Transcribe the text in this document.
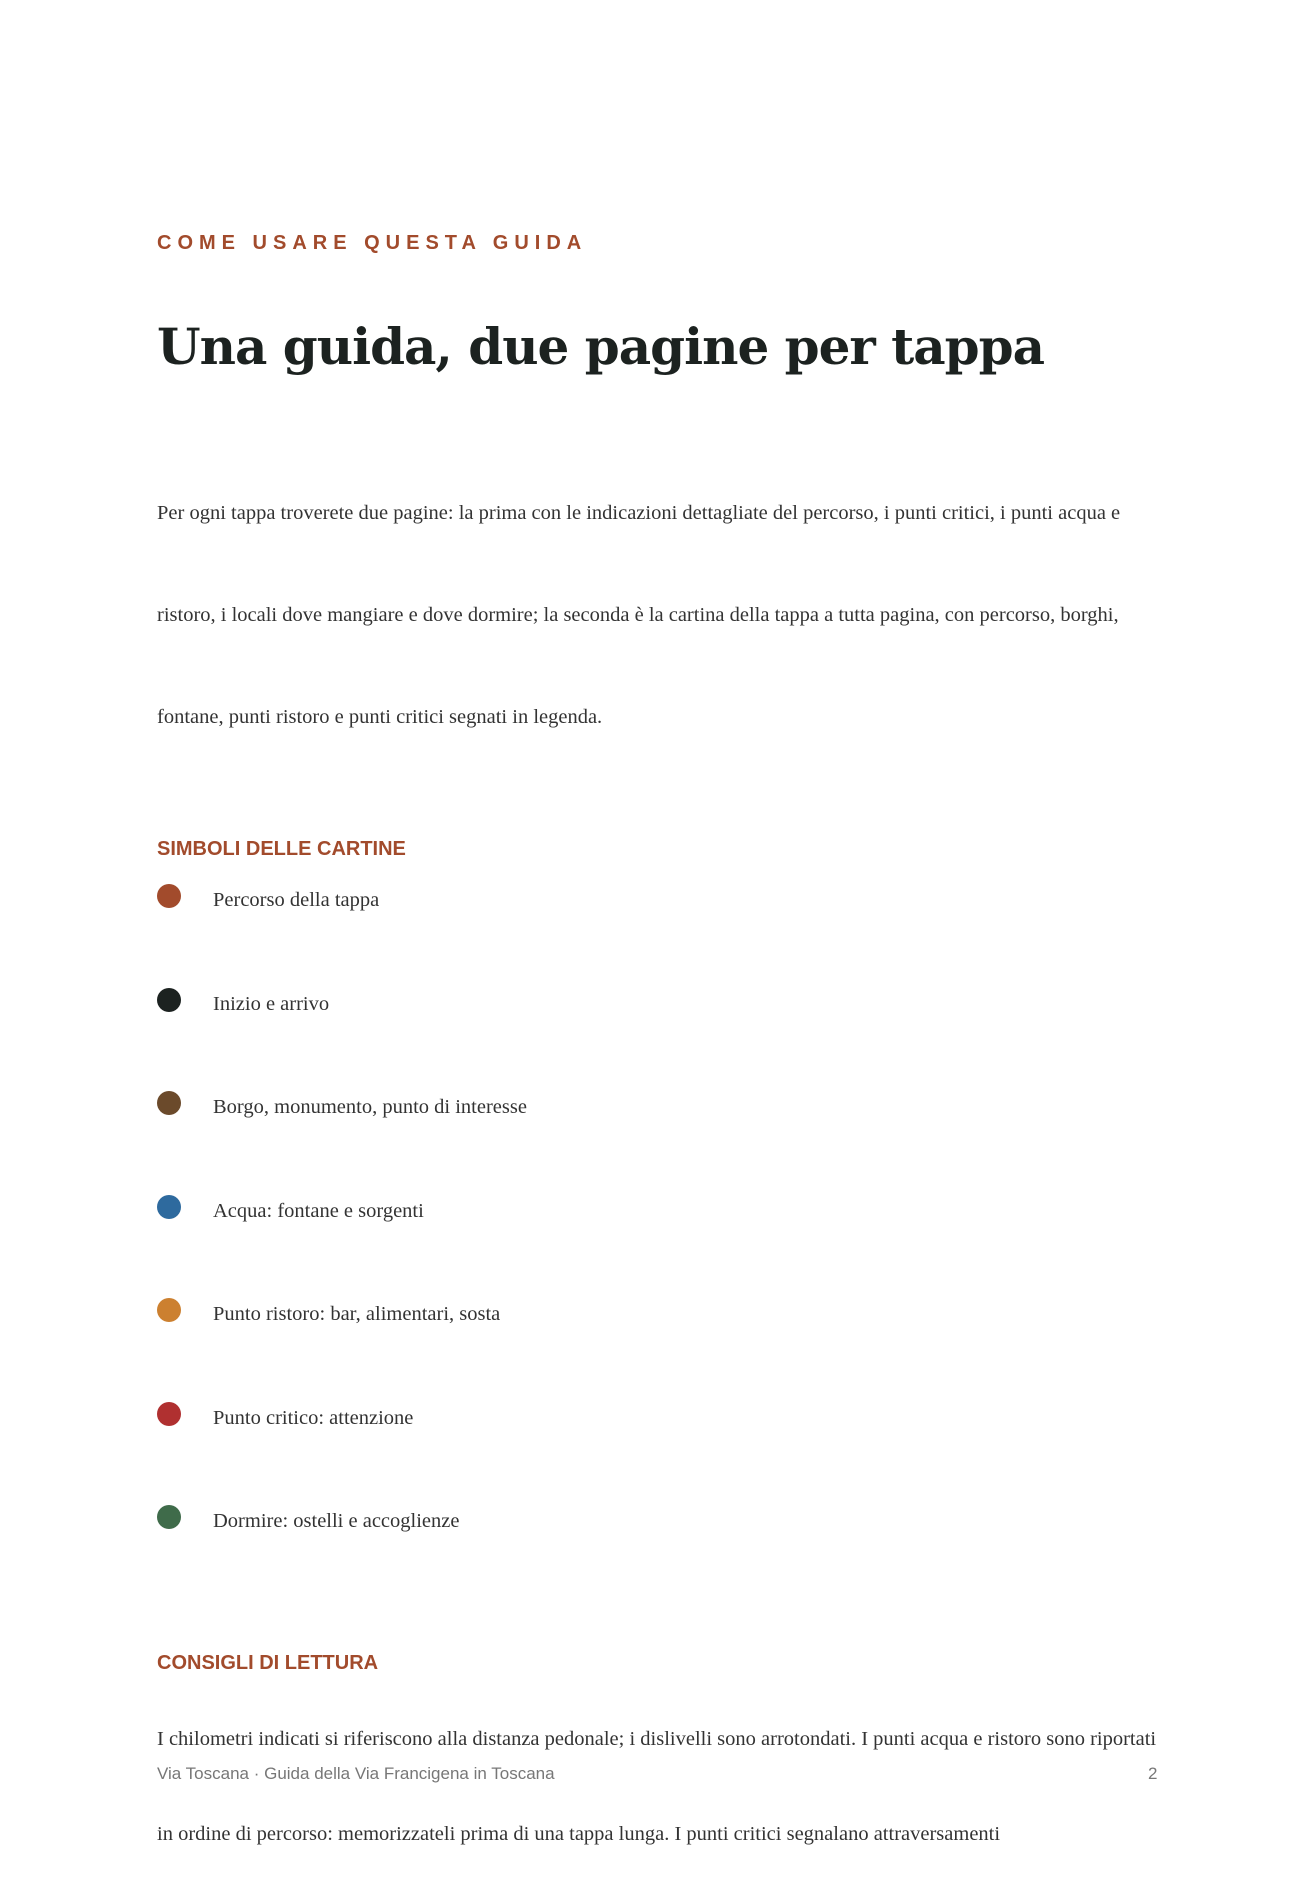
COME USARE QUESTA GUIDA
Una guida, due pagine per tappa

Per ogni tappa troverete due pagine: la prima con le indicazioni dettagliate del percorso, i punti critici, i punti acqua e ristoro, i locali dove mangiare e dove dormire; la seconda è la cartina della tappa a tutta pagina, con percorso, borghi, fontane, punti ristoro e punti critici segnati in legenda.

SIMBOLI DELLE CARTINE
Percorso della tappa
Inizio e arrivo
Borgo, monumento, punto di interesse
Acqua: fontane e sorgenti
Punto ristoro: bar, alimentari, sosta
Punto critico: attenzione
Dormire: ostelli e accoglienze
CONSIGLI DI LETTURA

I chilometri indicati si riferiscono alla distanza pedonale; i dislivelli sono arrotondati. I punti acqua e ristoro sono riportati in ordine di percorso: memorizzateli prima di una tappa lunga. I punti critici segnalano attraversamenti

Via Toscana · Guida della Via Francigena in Toscana	2
